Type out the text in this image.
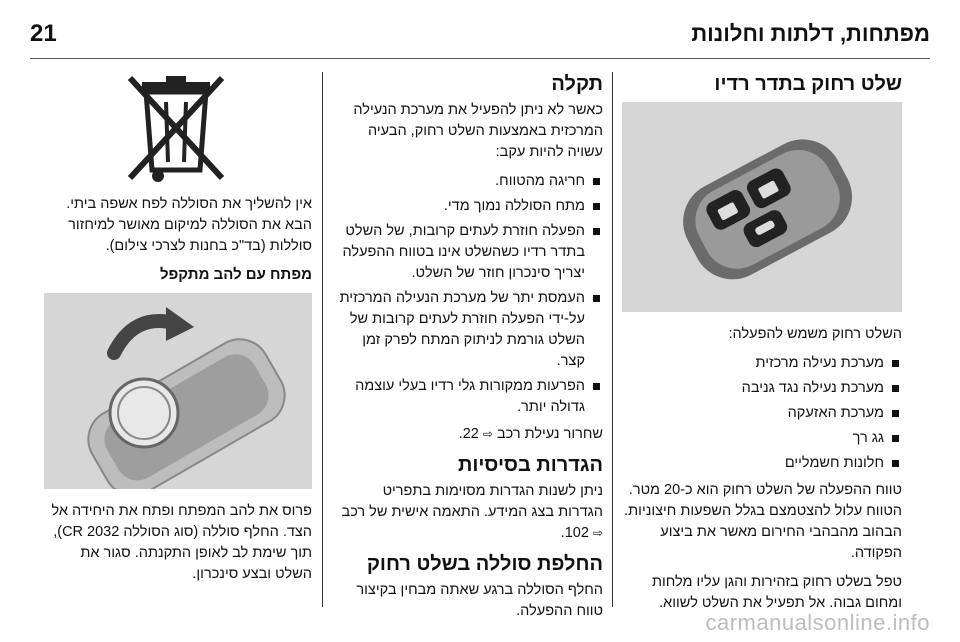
21	מפתחות, דלתות וחלונות
שלט רחוק בתדר רדיו

השלט רחוק משמש להפעלה:

מערכת נעילה מרכזית
מערכת נעילה נגד גניבה
מערכת האזעקה
גג רך
חלונות חשמליים

טווח ההפעלה של השלט רחוק הוא כ-20 מטר. הטווח עלול להצטמצם בגלל השפעות חיצוניות. הבהוב מהבהבי החירום מאשר את ביצוע הפקודה.

טפל בשלט רחוק בזהירות והגן עליו מלחות ומחום גבוה. אל תפעיל את השלט לשווא.

תקלה

כאשר לא ניתן להפעיל את מערכת הנעילה המרכזית באמצעות השלט רחוק, הבעיה עשויה להיות עקב:

חריגה מהטווח.
מתח הסוללה נמוך מדי.
הפעלה חוזרת לעתים קרובות, של השלט בתדר רדיו כשהשלט אינו בטווח ההפעלה יצריך סינכרון חוזר של השלט.
העמסת יתר של מערכת הנעילה המרכזית על-ידי הפעלה חוזרת לעתים קרובות של השלט גורמת לניתוק המתח לפרק זמן קצר.
הפרעות ממקורות גלי רדיו בעלי עוצמה גדולה יותר.

שחרור נעילת רכב ⇨ 22.

הגדרות בסיסיות

ניתן לשנות הגדרות מסוימות בתפריט הגדרות בצג המידע. התאמה אישית של רכב ⇨ 102.

החלפת סוללה בשלט רחוק

החלף הסוללה ברגע שאתה מבחין בקיצור טווח ההפעלה.

אין להשליך את הסוללה לפח אשפה ביתי. הבא את הסוללה למיקום מאושר למיחזור סוללות (בד"כ בחנות לצרכי צילום).

מפתח עם להב מתקפל

פרוס את להב המפתח ופתח את היחידה אל הצד. החלף סוללה (סוג הסוללה CR 2032), תוך שימת לב לאופן התקנתה. סגור את השלט ובצע סינכרון.

carmanualsonline.info
